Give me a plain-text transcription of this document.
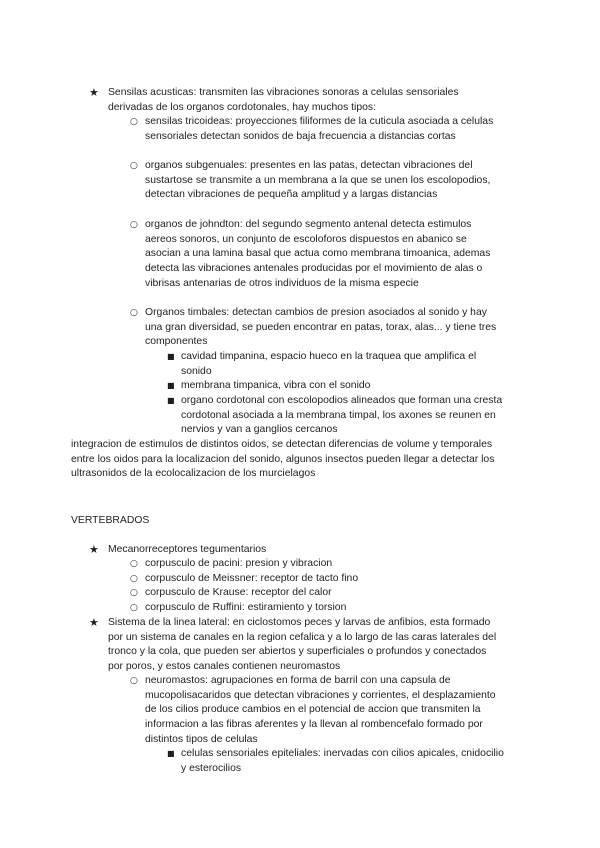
★ Sensilas acusticas: transmiten las vibraciones sonoras a celulas sensoriales
derivadas de los organos cordotonales, hay muchos tipos:
○ sensilas tricoideas: proyecciones filiformes de la cuticula asociada a celulas
sensoriales detectan sonidos de baja frecuencia a distancias cortas
○ organos subgenuales: presentes en las patas, detectan vibraciones del
sustartose se transmite a un membrana a la que se unen los escolopodios,
detectan vibraciones de pequeña amplitud y a largas distancias
○ organos de johndton: del segundo segmento antenal detecta estimulos
aereos sonoros, un conjunto de escoloforos dispuestos en abanico se
asocian a una lamina basal que actua como membrana timoanica, ademas
detecta las vibraciones antenales producidas por el movimiento de alas o
vibrisas antenarias de otros individuos de la misma especie
○ Organos timbales: detectan cambios de presion asociados al sonido y hay
una gran diversidad, se pueden encontrar en patas, torax, alas... y tiene tres
componentes
■ cavidad timpanina, espacio hueco en la traquea que amplifica el
sonido
■ membrana timpanica, vibra con el sonido
■ organo cordotonal con escolopodios alineados que forman una cresta
cordotonal asociada a la membrana timpal, los axones se reunen en
nervios y van a ganglios cercanos
integracion de estimulos de distintos oidos, se detectan diferencias de volume y temporales
entre los oidos para la localizacion del sonido, algunos insectos pueden llegar a detectar los
ultrasonidos de la ecolocalizacion de los murcielagos
VERTEBRADOS
★ Mecanorreceptores tegumentarios
○ corpusculo de pacini: presion y vibracion
○ corpusculo de Meissner: receptor de tacto fino
○ corpusculo de Krause: receptor del calor
○ corpusculo de Ruffini: estiramiento y torsion
★ Sistema de la linea lateral: en ciclostomos peces y larvas de anfibios, esta formado
por un sistema de canales en la region cefalica y a lo largo de las caras laterales del
tronco y la cola, que pueden ser abiertos y superficiales o profundos y conectados
por poros, y estos canales contienen neuromastos
○ neuromastos: agrupaciones en forma de barril con una capsula de
mucopolisacaridos que detectan vibraciones y corrientes, el desplazamiento
de los cilios produce cambios en el potencial de accion que transmiten la
informacion a las fibras aferentes y la llevan al rombencefalo formado por
distintos tipos de celulas
■ celulas sensoriales epiteliales: inervadas con cilios apicales, cnidocilio
y esterocilios
